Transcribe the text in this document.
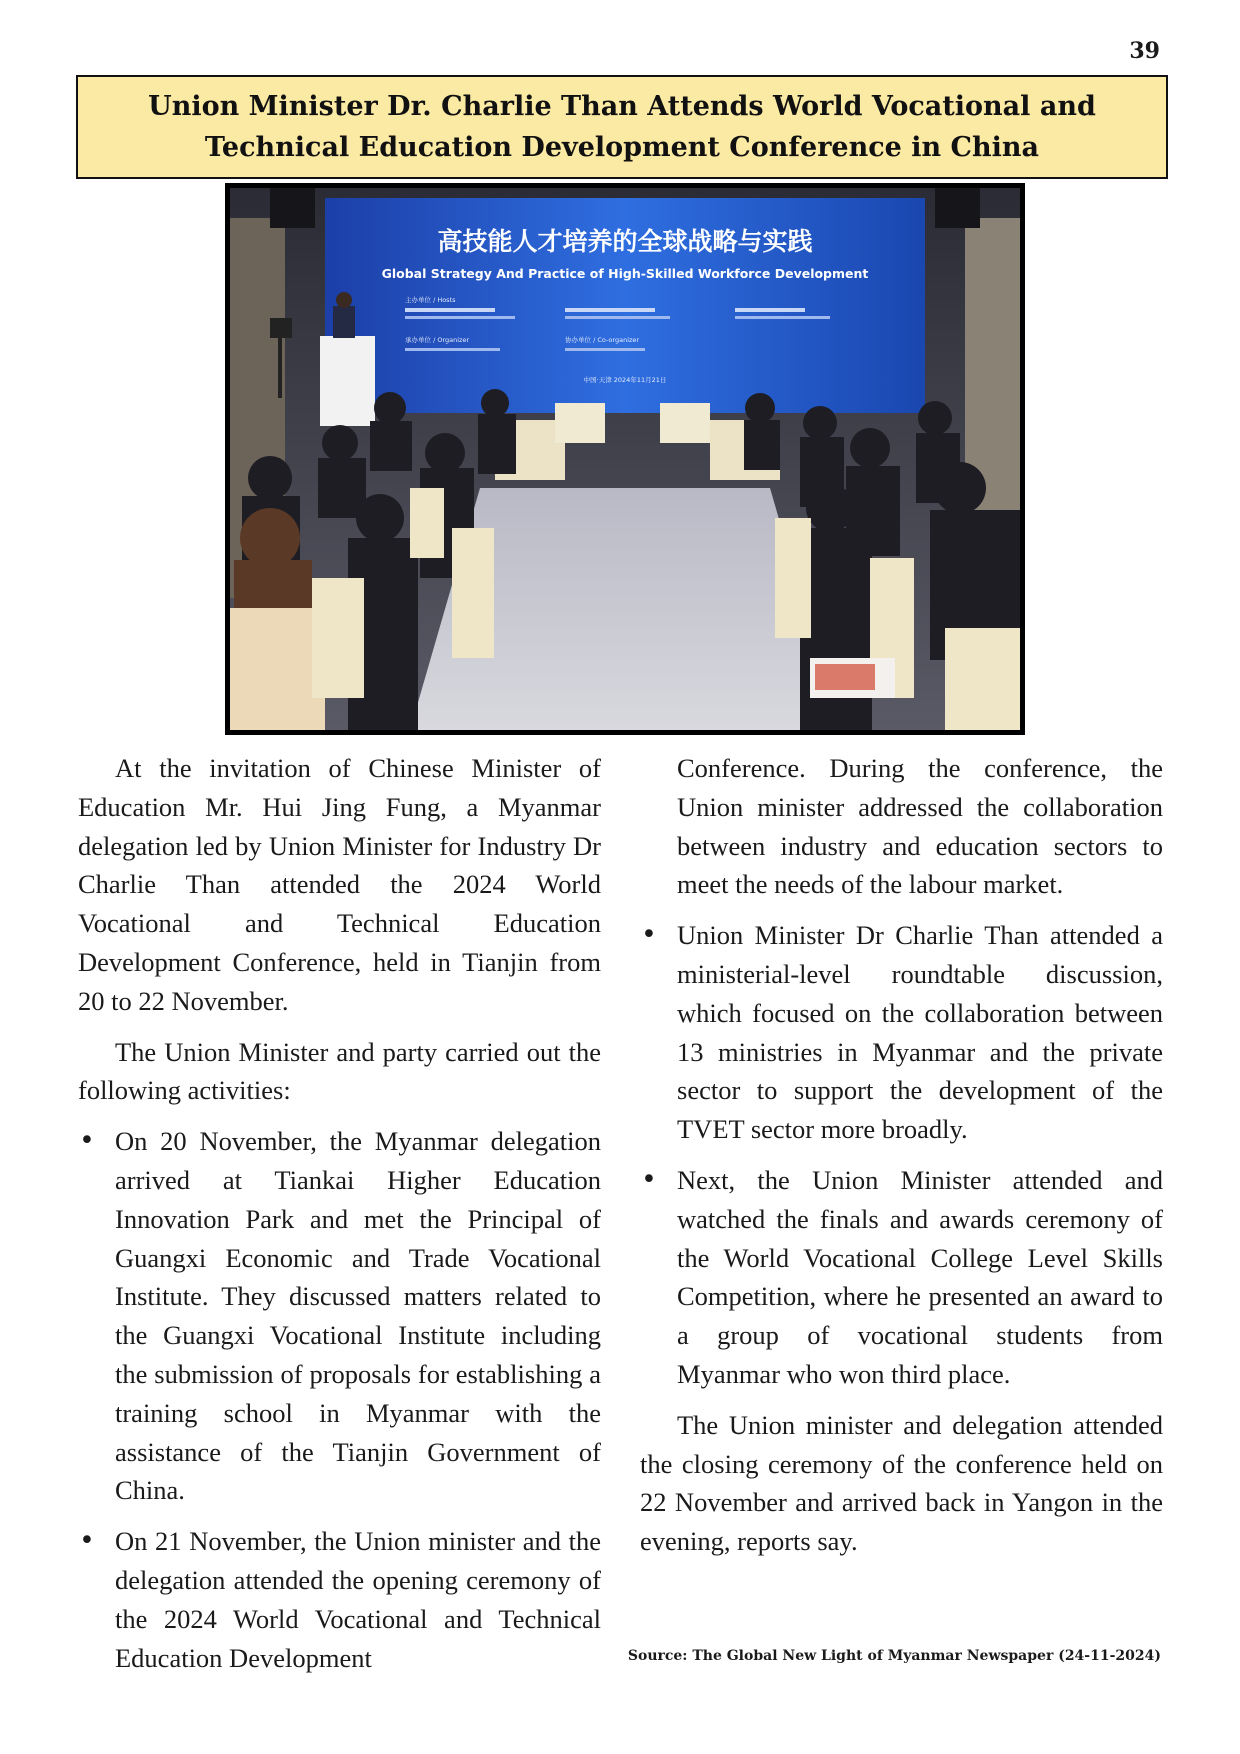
39
Union Minister Dr. Charlie Than Attends World Vocational and Technical Education Development Conference in China
高技能人才培养的全球战略与实践
Global Strategy And Practice of High-Skilled Workforce Development
主办单位 / Hosts
承办单位 / Organizer	协办单位 / Co-organizer
中国·天津 2024年11月21日

At the invitation of Chinese Minister of Education Mr. Hui Jing Fung, a Myanmar delegation led by Union Minister for Industry Dr Charlie Than attended the 2024 World Vocational and Technical Education Development Conference, held in Tianjin from 20 to 22 November.

The Union Minister and party carried out the following activities:

• On 20 November, the Myanmar delegation arrived at Tiankai Higher Education Innovation Park and met the Principal of Guangxi Economic and Trade Vocational Institute. They discussed matters related to the Guangxi Vocational Institute including the submission of proposals for establishing a training school in Myanmar with the assistance of the Tianjin Government of China.
• On 21 November, the Union minister and the delegation attended the opening ceremony of the 2024 World Vocational and Technical Education Development

Conference. During the conference, the Union minister addressed the collaboration between industry and education sectors to meet the needs of the labour market.

• Union Minister Dr Charlie Than attended a ministerial-level roundtable discussion, which focused on the collaboration between 13 ministries in Myanmar and the private sector to support the development of the TVET sector more broadly.
• Next, the Union Minister attended and watched the finals and awards ceremony of the World Vocational College Level Skills Competition, where he presented an award to a group of vocational students from Myanmar who won third place.

The Union minister and delegation attended the closing ceremony of the conference held on 22 November and arrived back in Yangon in the evening, reports say.

Source: The Global New Light of Myanmar Newspaper (24-11-2024)
